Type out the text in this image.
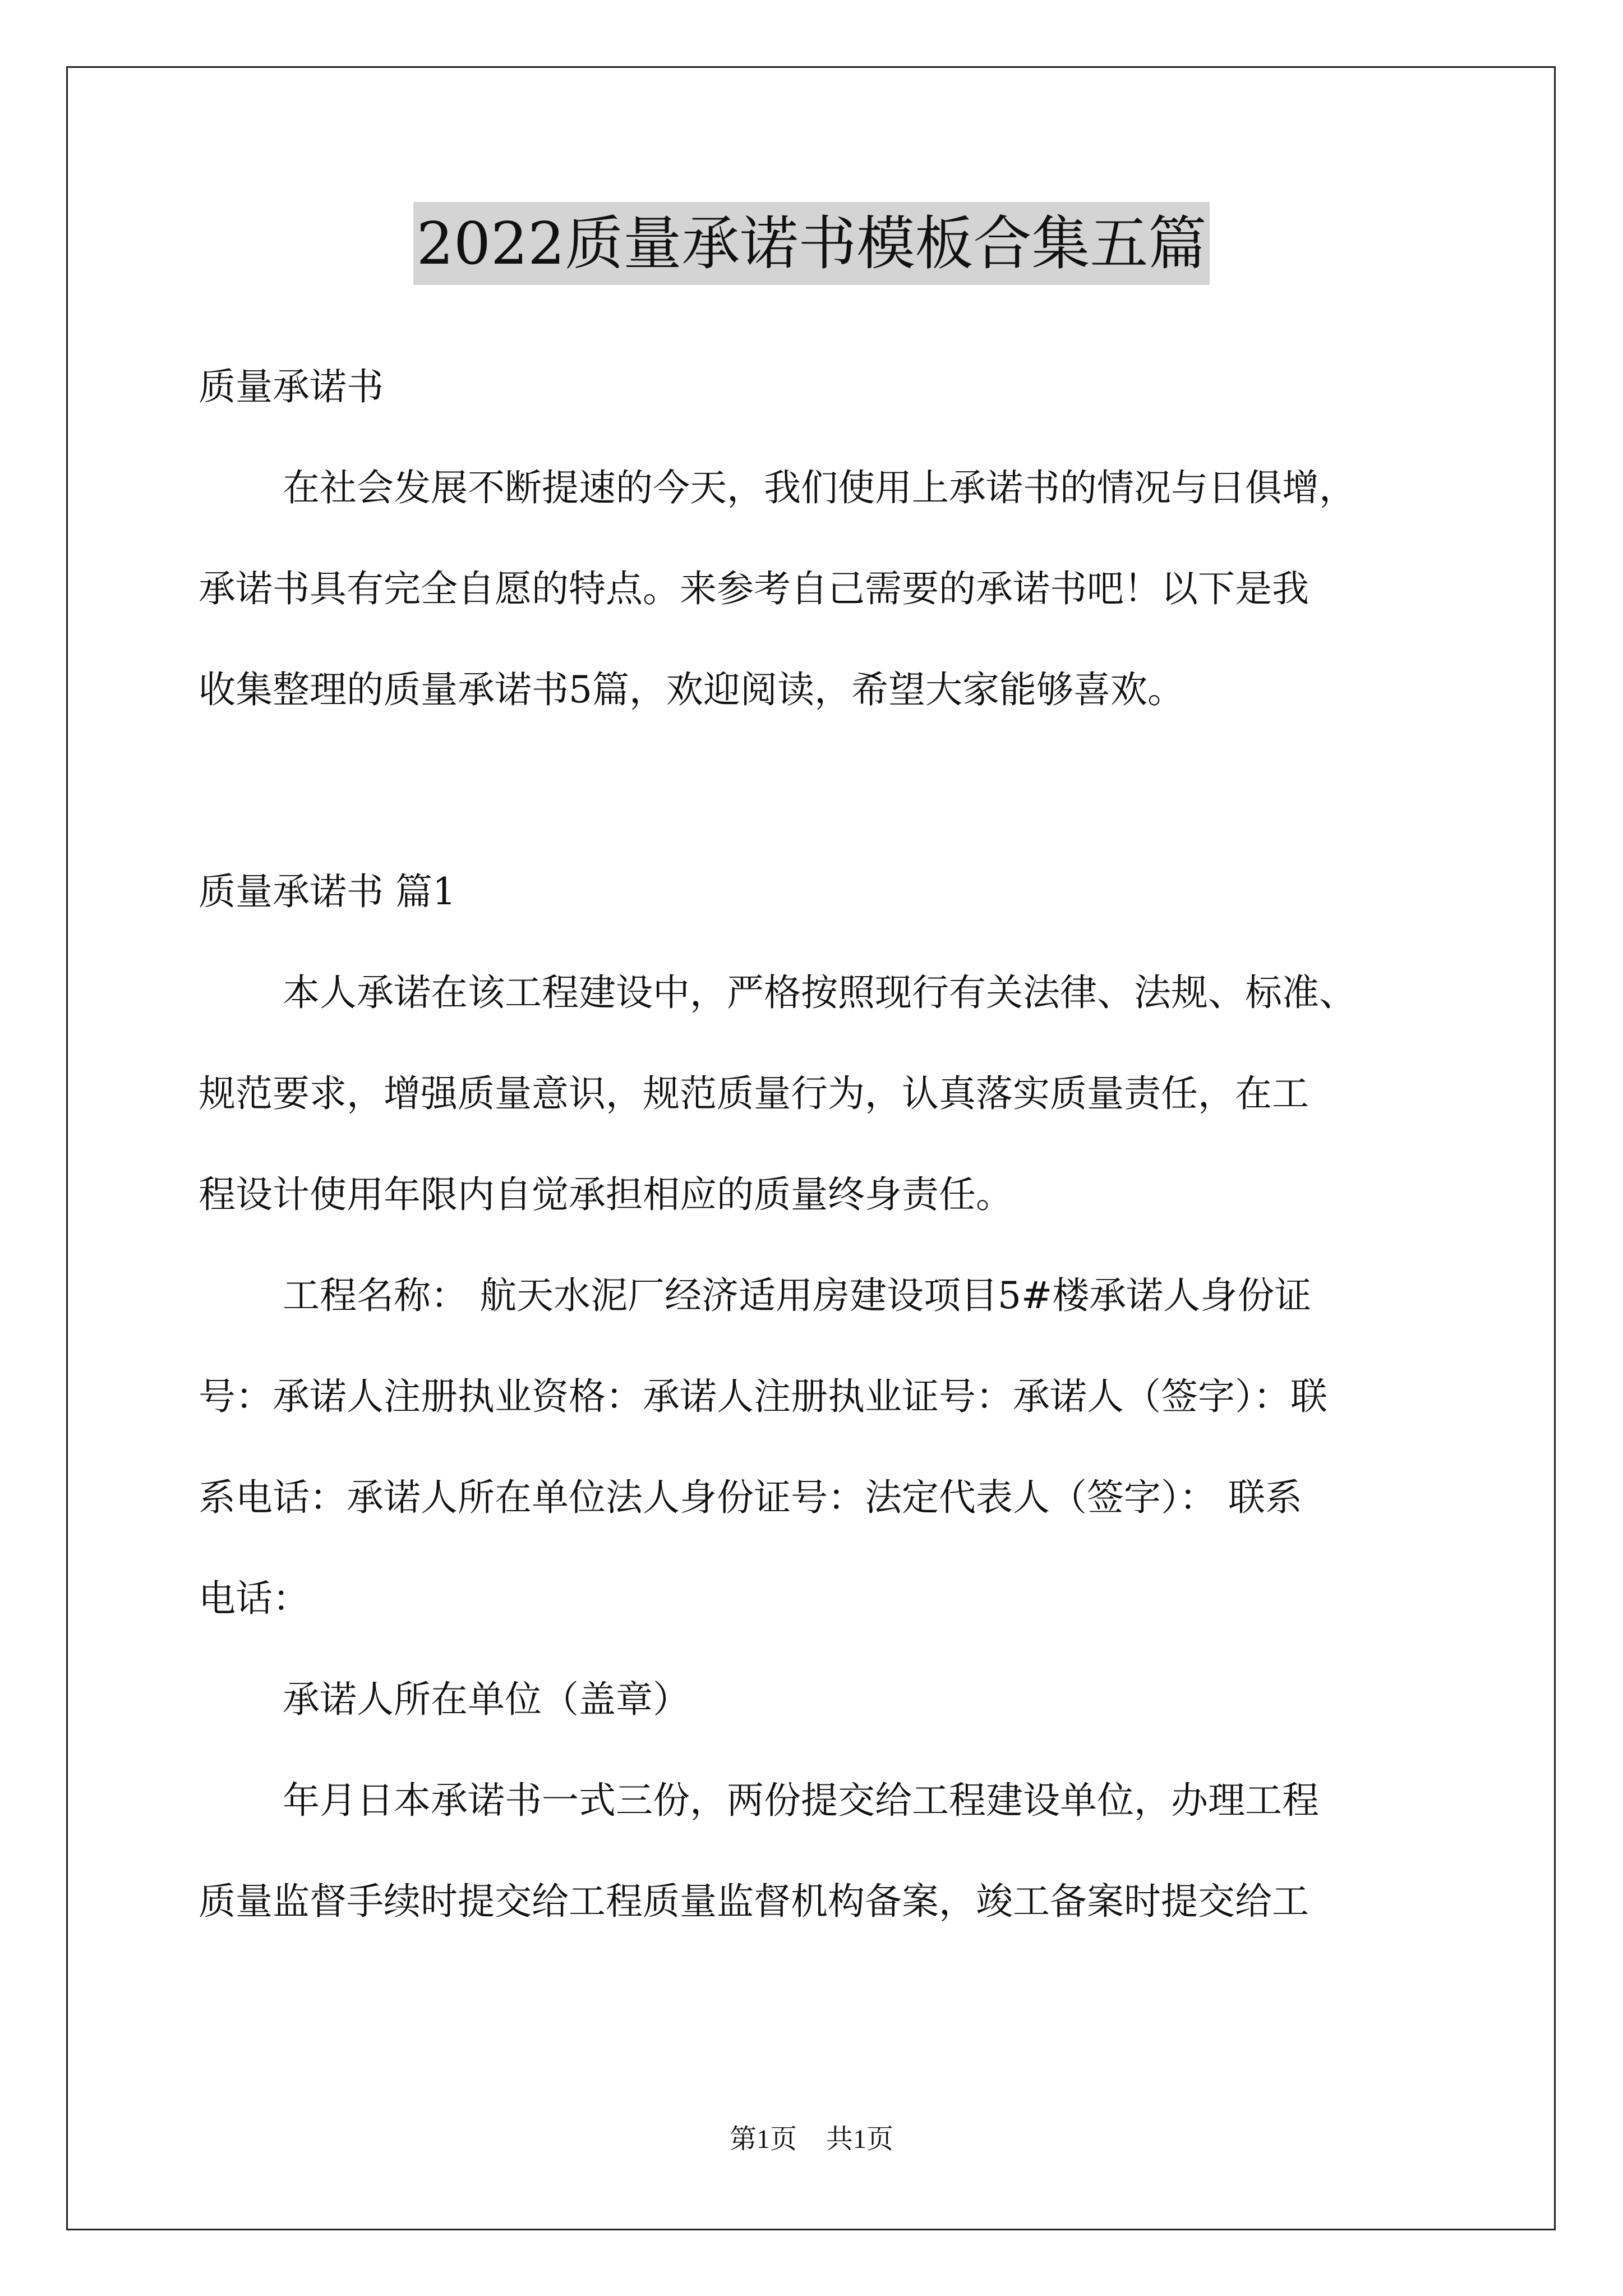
2022质量承诺书模板合集五篇

质量承诺书

在社会发展不断提速的今天，我们使用上承诺书的情况与日俱增，

承诺书具有完全自愿的特点。来参考自己需要的承诺书吧！以下是我

收集整理的质量承诺书5篇，欢迎阅读，希望大家能够喜欢。

质量承诺书 篇1

本人承诺在该工程建设中，严格按照现行有关法律、法规、标准、

规范要求，增强质量意识，规范质量行为，认真落实质量责任，在工

程设计使用年限内自觉承担相应的质量终身责任。

工程名称： 航天水泥厂经济适用房建设项目5#楼承诺人身份证

号：承诺人注册执业资格：承诺人注册执业证号：承诺人（签字）：联

系电话：承诺人所在单位法人身份证号：法定代表人（签字）： 联系

电话：

承诺人所在单位（盖章）

年月日本承诺书一式三份，两份提交给工程建设单位，办理工程

质量监督手续时提交给工程质量监督机构备案，竣工备案时提交给工

第1页 共1页
